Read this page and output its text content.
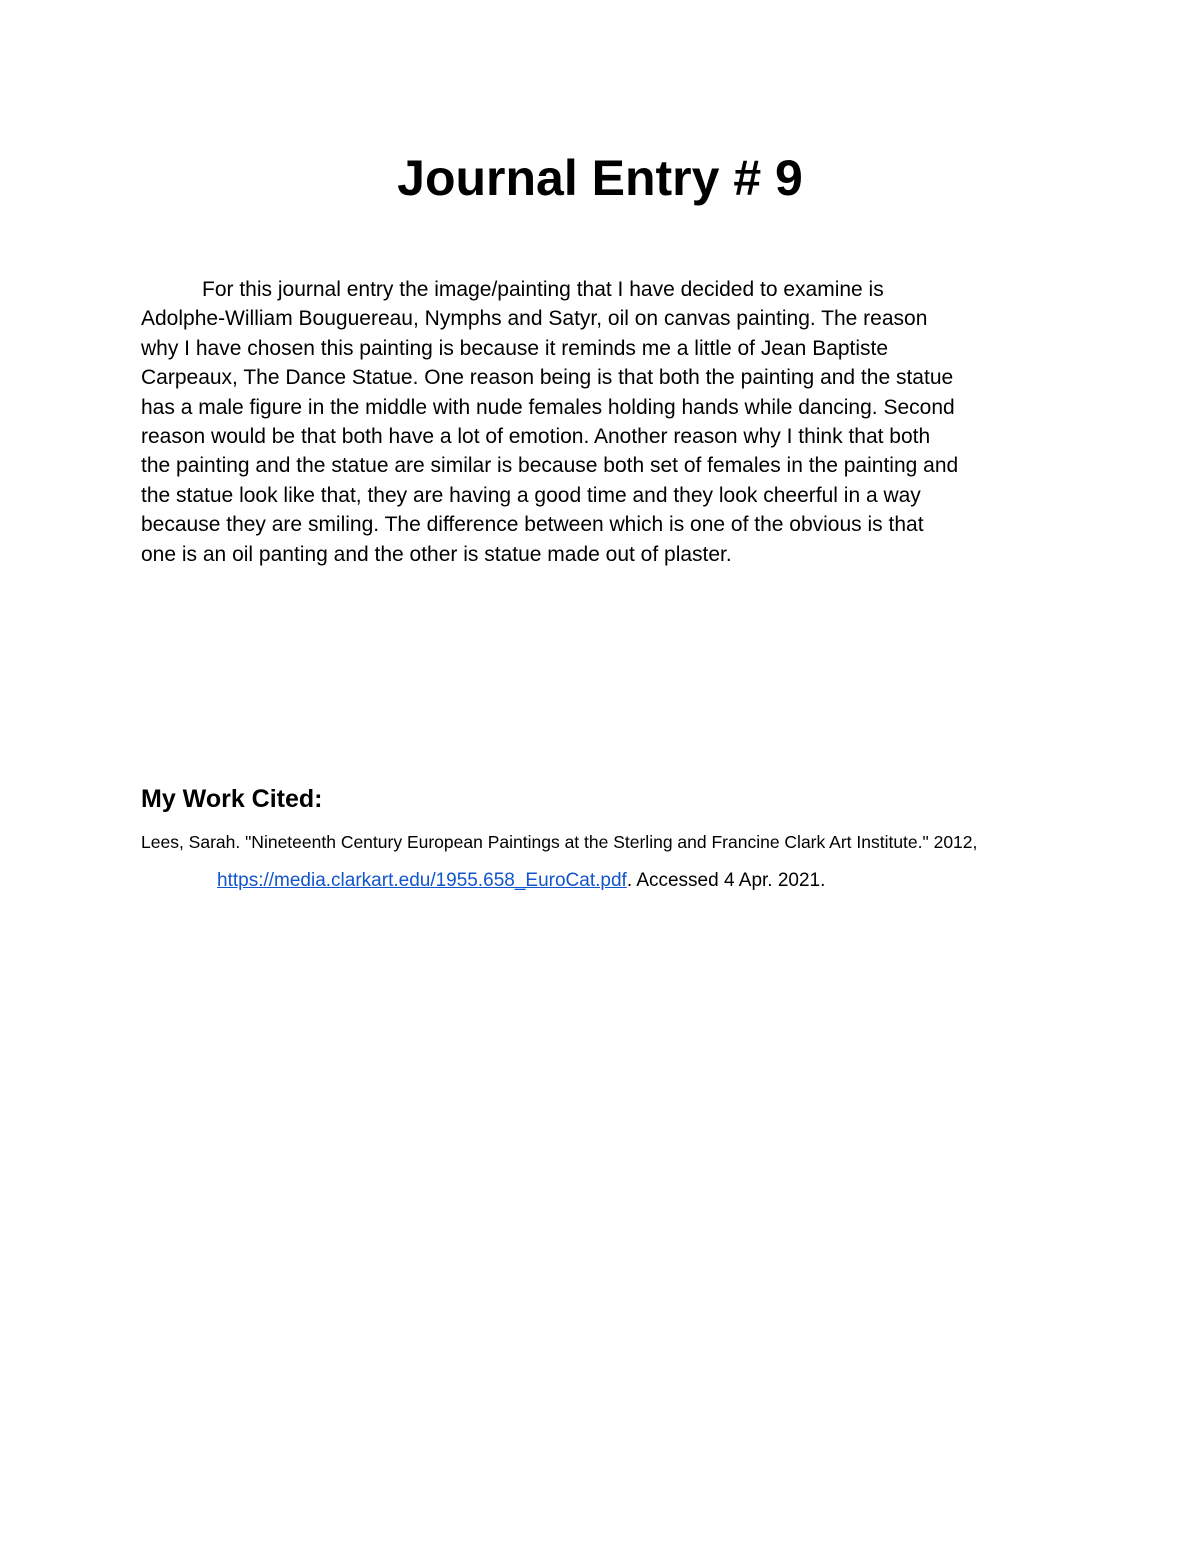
Journal Entry # 9
For this journal entry the image/painting that I have decided to examine is
Adolphe-William Bouguereau, Nymphs and Satyr, oil on canvas painting. The reason
why I have chosen this painting is because it reminds me a little of Jean Baptiste
Carpeaux, The Dance Statue. One reason being is that both the painting and the statue
has a male figure in the middle with nude females holding hands while dancing. Second
reason would be that both have a lot of emotion. Another reason why I think that both
the painting and the statue are similar is because both set of females in the painting and
the statue look like that, they are having a good time and they look cheerful in a way
because they are smiling. The difference between which is one of the obvious is that
one is an oil panting and the other is statue made out of plaster.
My Work Cited:

Lees, Sarah. "Nineteenth Century European Paintings at the Sterling and Francine Clark Art Institute." 2012,

https://media.clarkart.edu/1955.658_EuroCat.pdf. Accessed 4 Apr. 2021.
